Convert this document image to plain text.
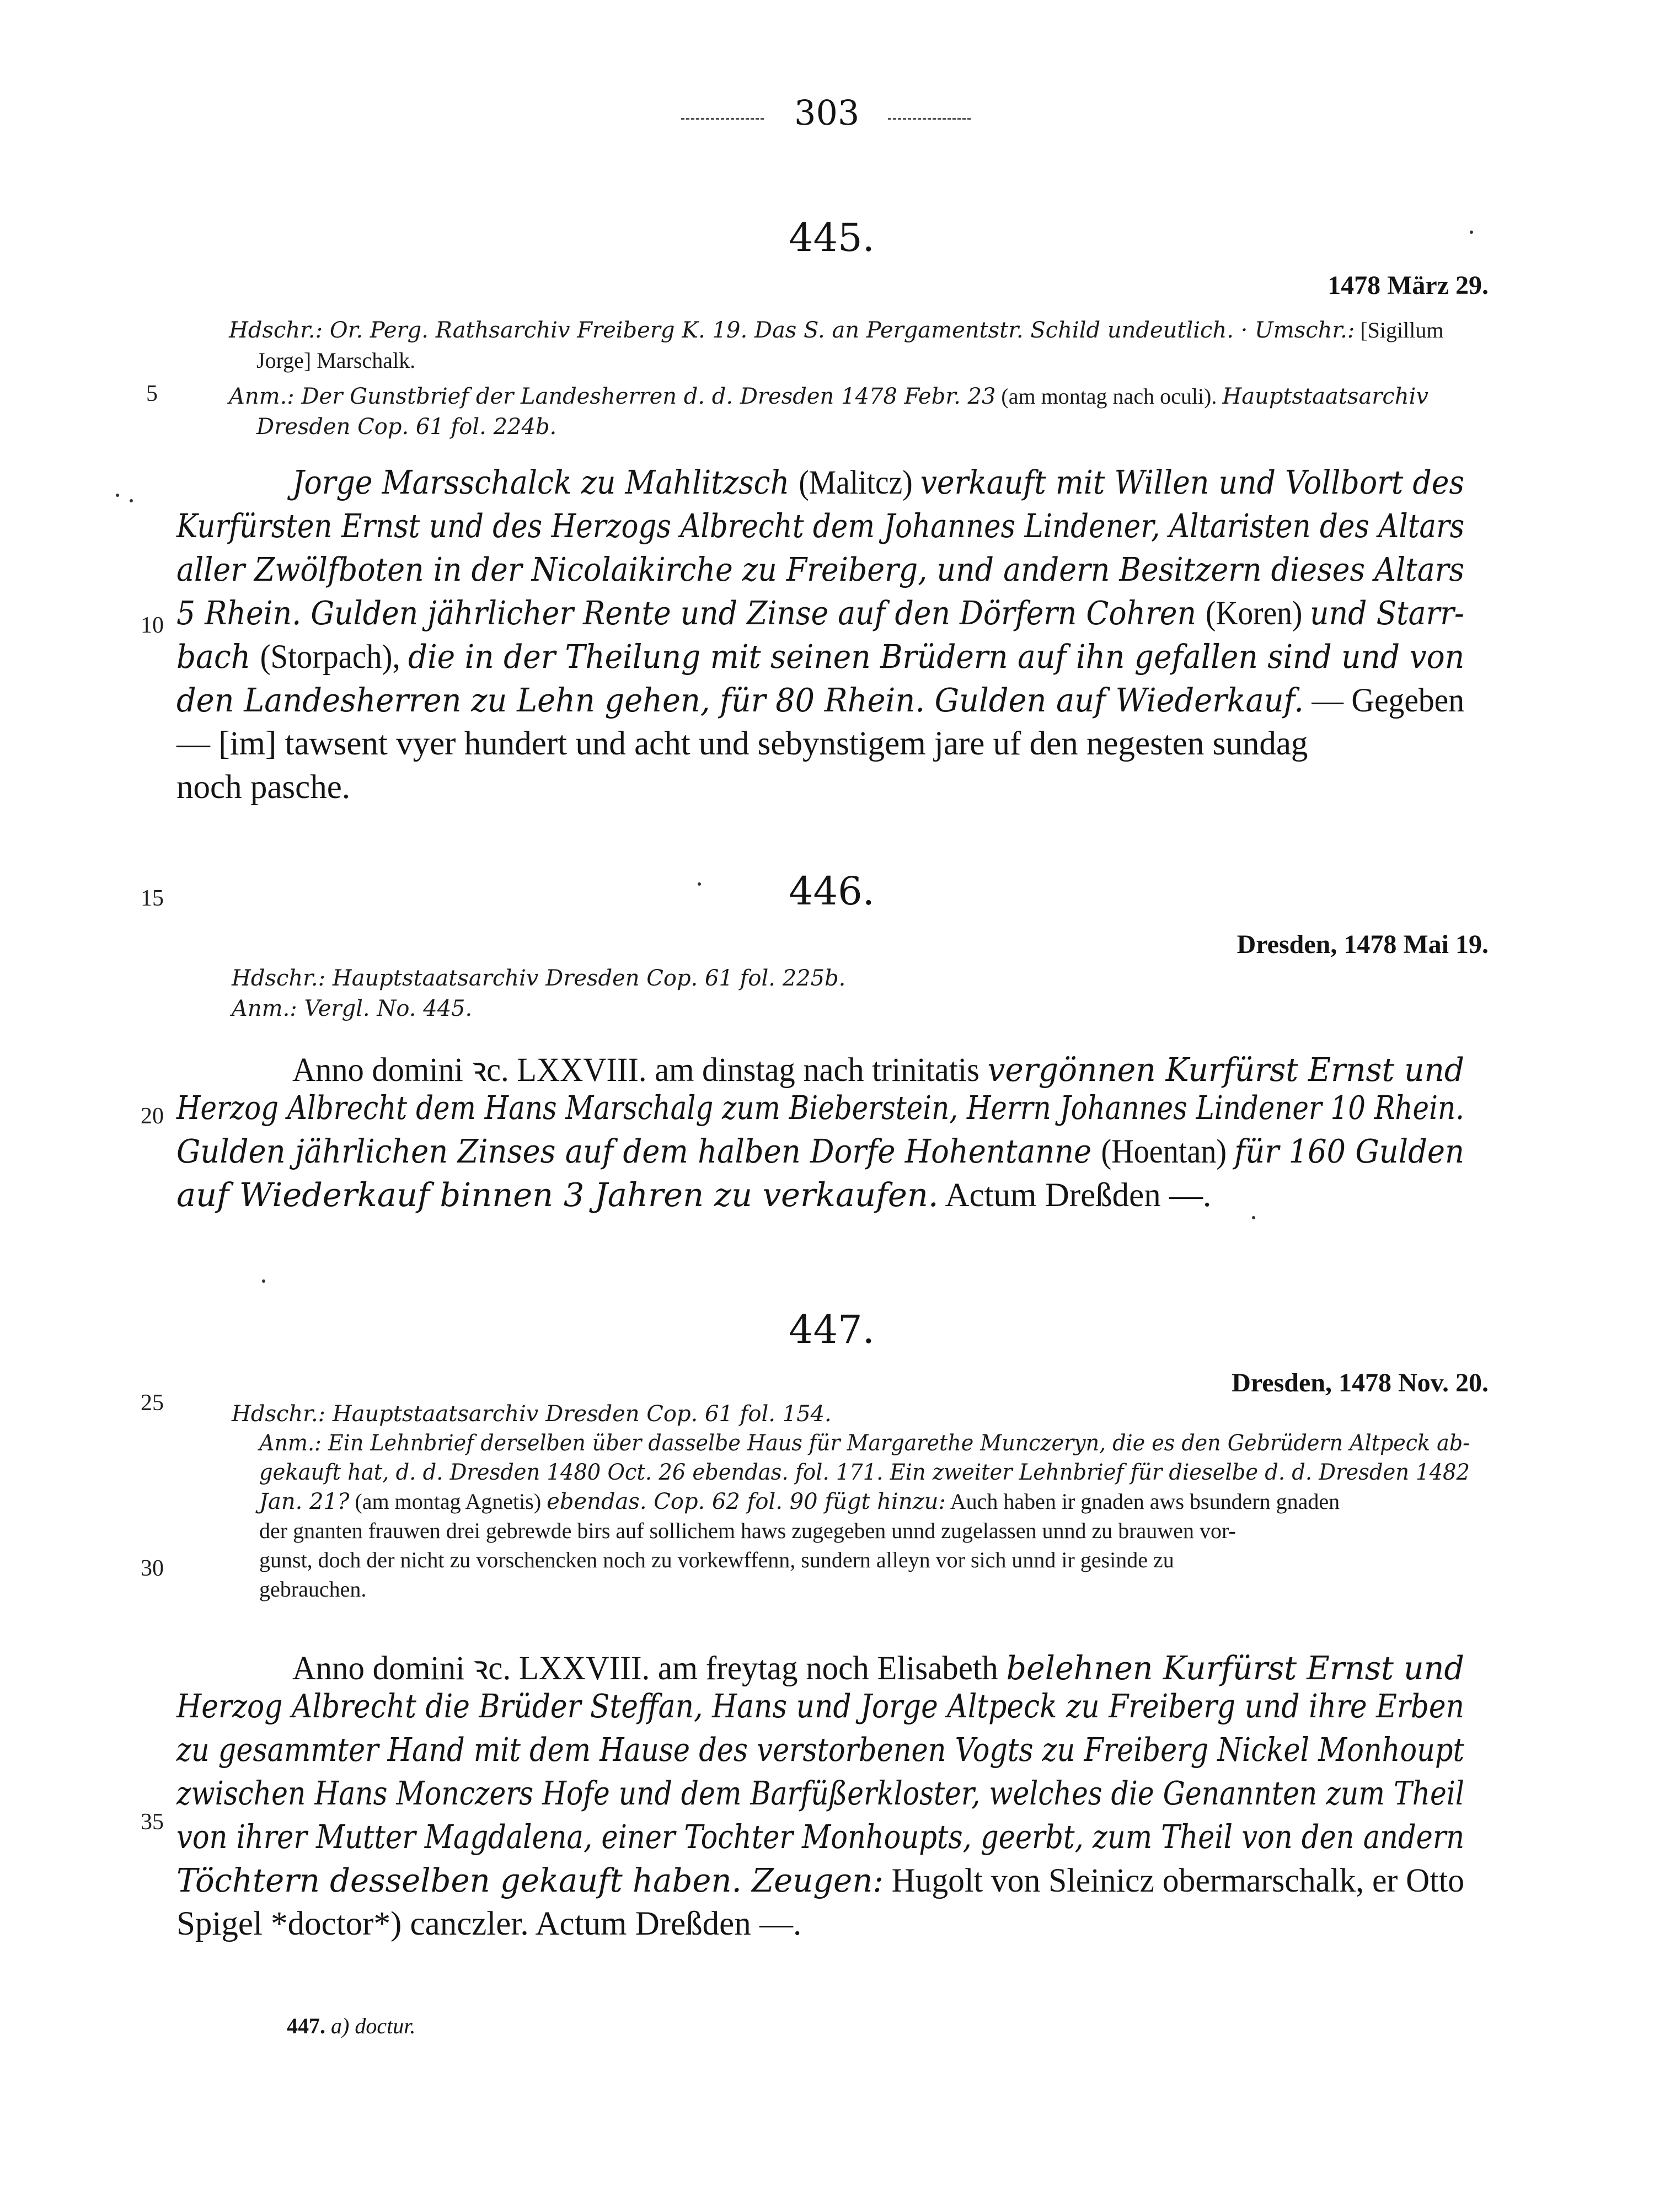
303
5
10
15
20
25
30
35
445.
1478 März 29.
Hdschr.: Or. Perg. Rathsarchiv Freiberg K. 19. Das S. an Pergamentstr. Schild undeutlich. · Umschr.: [Sigillum
Jorge] Marschalk.
Anm.: Der Gunstbrief der Landesherren d. d. Dresden 1478 Febr. 23 (am montag nach oculi). Hauptstaatsarchiv
Dresden Cop. 61 fol. 224b.
Jorge Marsschalck zu Mahlitzsch (Malitcz) verkauft mit Willen und Vollbort des
Kurfürsten Ernst und des Herzogs Albrecht dem Johannes Lindener, Altaristen des Altars
aller Zwölfboten in der Nicolaikirche zu Freiberg, und andern Besitzern dieses Altars
5 Rhein. Gulden jährlicher Rente und Zinse auf den Dörfern Cohren (Koren) und Starr-
bach (Storpach), die in der Theilung mit seinen Brüdern auf ihn gefallen sind und von
den Landesherren zu Lehn gehen, für 80 Rhein. Gulden auf Wiederkauf. — Gegeben
— [im] tawsent vyer hundert und acht und sebynstigem jare uf den negesten sundag
noch pasche.
446.
Dresden, 1478 Mai 19.
Hdschr.: Hauptstaatsarchiv Dresden Cop. 61 fol. 225b.
Anm.: Vergl. No. 445.
Anno domini ꝛc. LXXVIII. am dinstag nach trinitatis vergönnen Kurfürst Ernst und
Herzog Albrecht dem Hans Marschalg zum Bieberstein, Herrn Johannes Lindener 10 Rhein.
Gulden jährlichen Zinses auf dem halben Dorfe Hohentanne (Hoentan) für 160 Gulden
auf Wiederkauf binnen 3 Jahren zu verkaufen. Actum Dreßden —.
447.
Dresden, 1478 Nov. 20.
Hdschr.: Hauptstaatsarchiv Dresden Cop. 61 fol. 154.
Anm.: Ein Lehnbrief derselben über dasselbe Haus für Margarethe Munczeryn, die es den Gebrüdern Altpeck ab-
gekauft hat, d. d. Dresden 1480 Oct. 26 ebendas. fol. 171. Ein zweiter Lehnbrief für dieselbe d. d. Dresden 1482
Jan. 21? (am montag Agnetis) ebendas. Cop. 62 fol. 90 fügt hinzu: Auch haben ir gnaden aws bsundern gnaden
der gnanten frauwen drei gebrewde birs auf sollichem haws zugegeben unnd zugelassen unnd zu brauwen vor-
gunst, doch der nicht zu vorschencken noch zu vorkewffenn, sundern alleyn vor sich unnd ir gesinde zu
gebrauchen.
Anno domini ꝛc. LXXVIII. am freytag noch Elisabeth belehnen Kurfürst Ernst und
Herzog Albrecht die Brüder Steffan, Hans und Jorge Altpeck zu Freiberg und ihre Erben
zu gesammter Hand mit dem Hause des verstorbenen Vogts zu Freiberg Nickel Monhoupt
zwischen Hans Monczers Hofe und dem Barfüßerkloster, welches die Genannten zum Theil
von ihrer Mutter Magdalena, einer Tochter Monhoupts, geerbt, zum Theil von den andern
Töchtern desselben gekauft haben. Zeugen: Hugolt von Sleinicz obermarschalk, er Otto
Spigel *doctor*) canczler. Actum Dreßden —.
447. a) doctur.
